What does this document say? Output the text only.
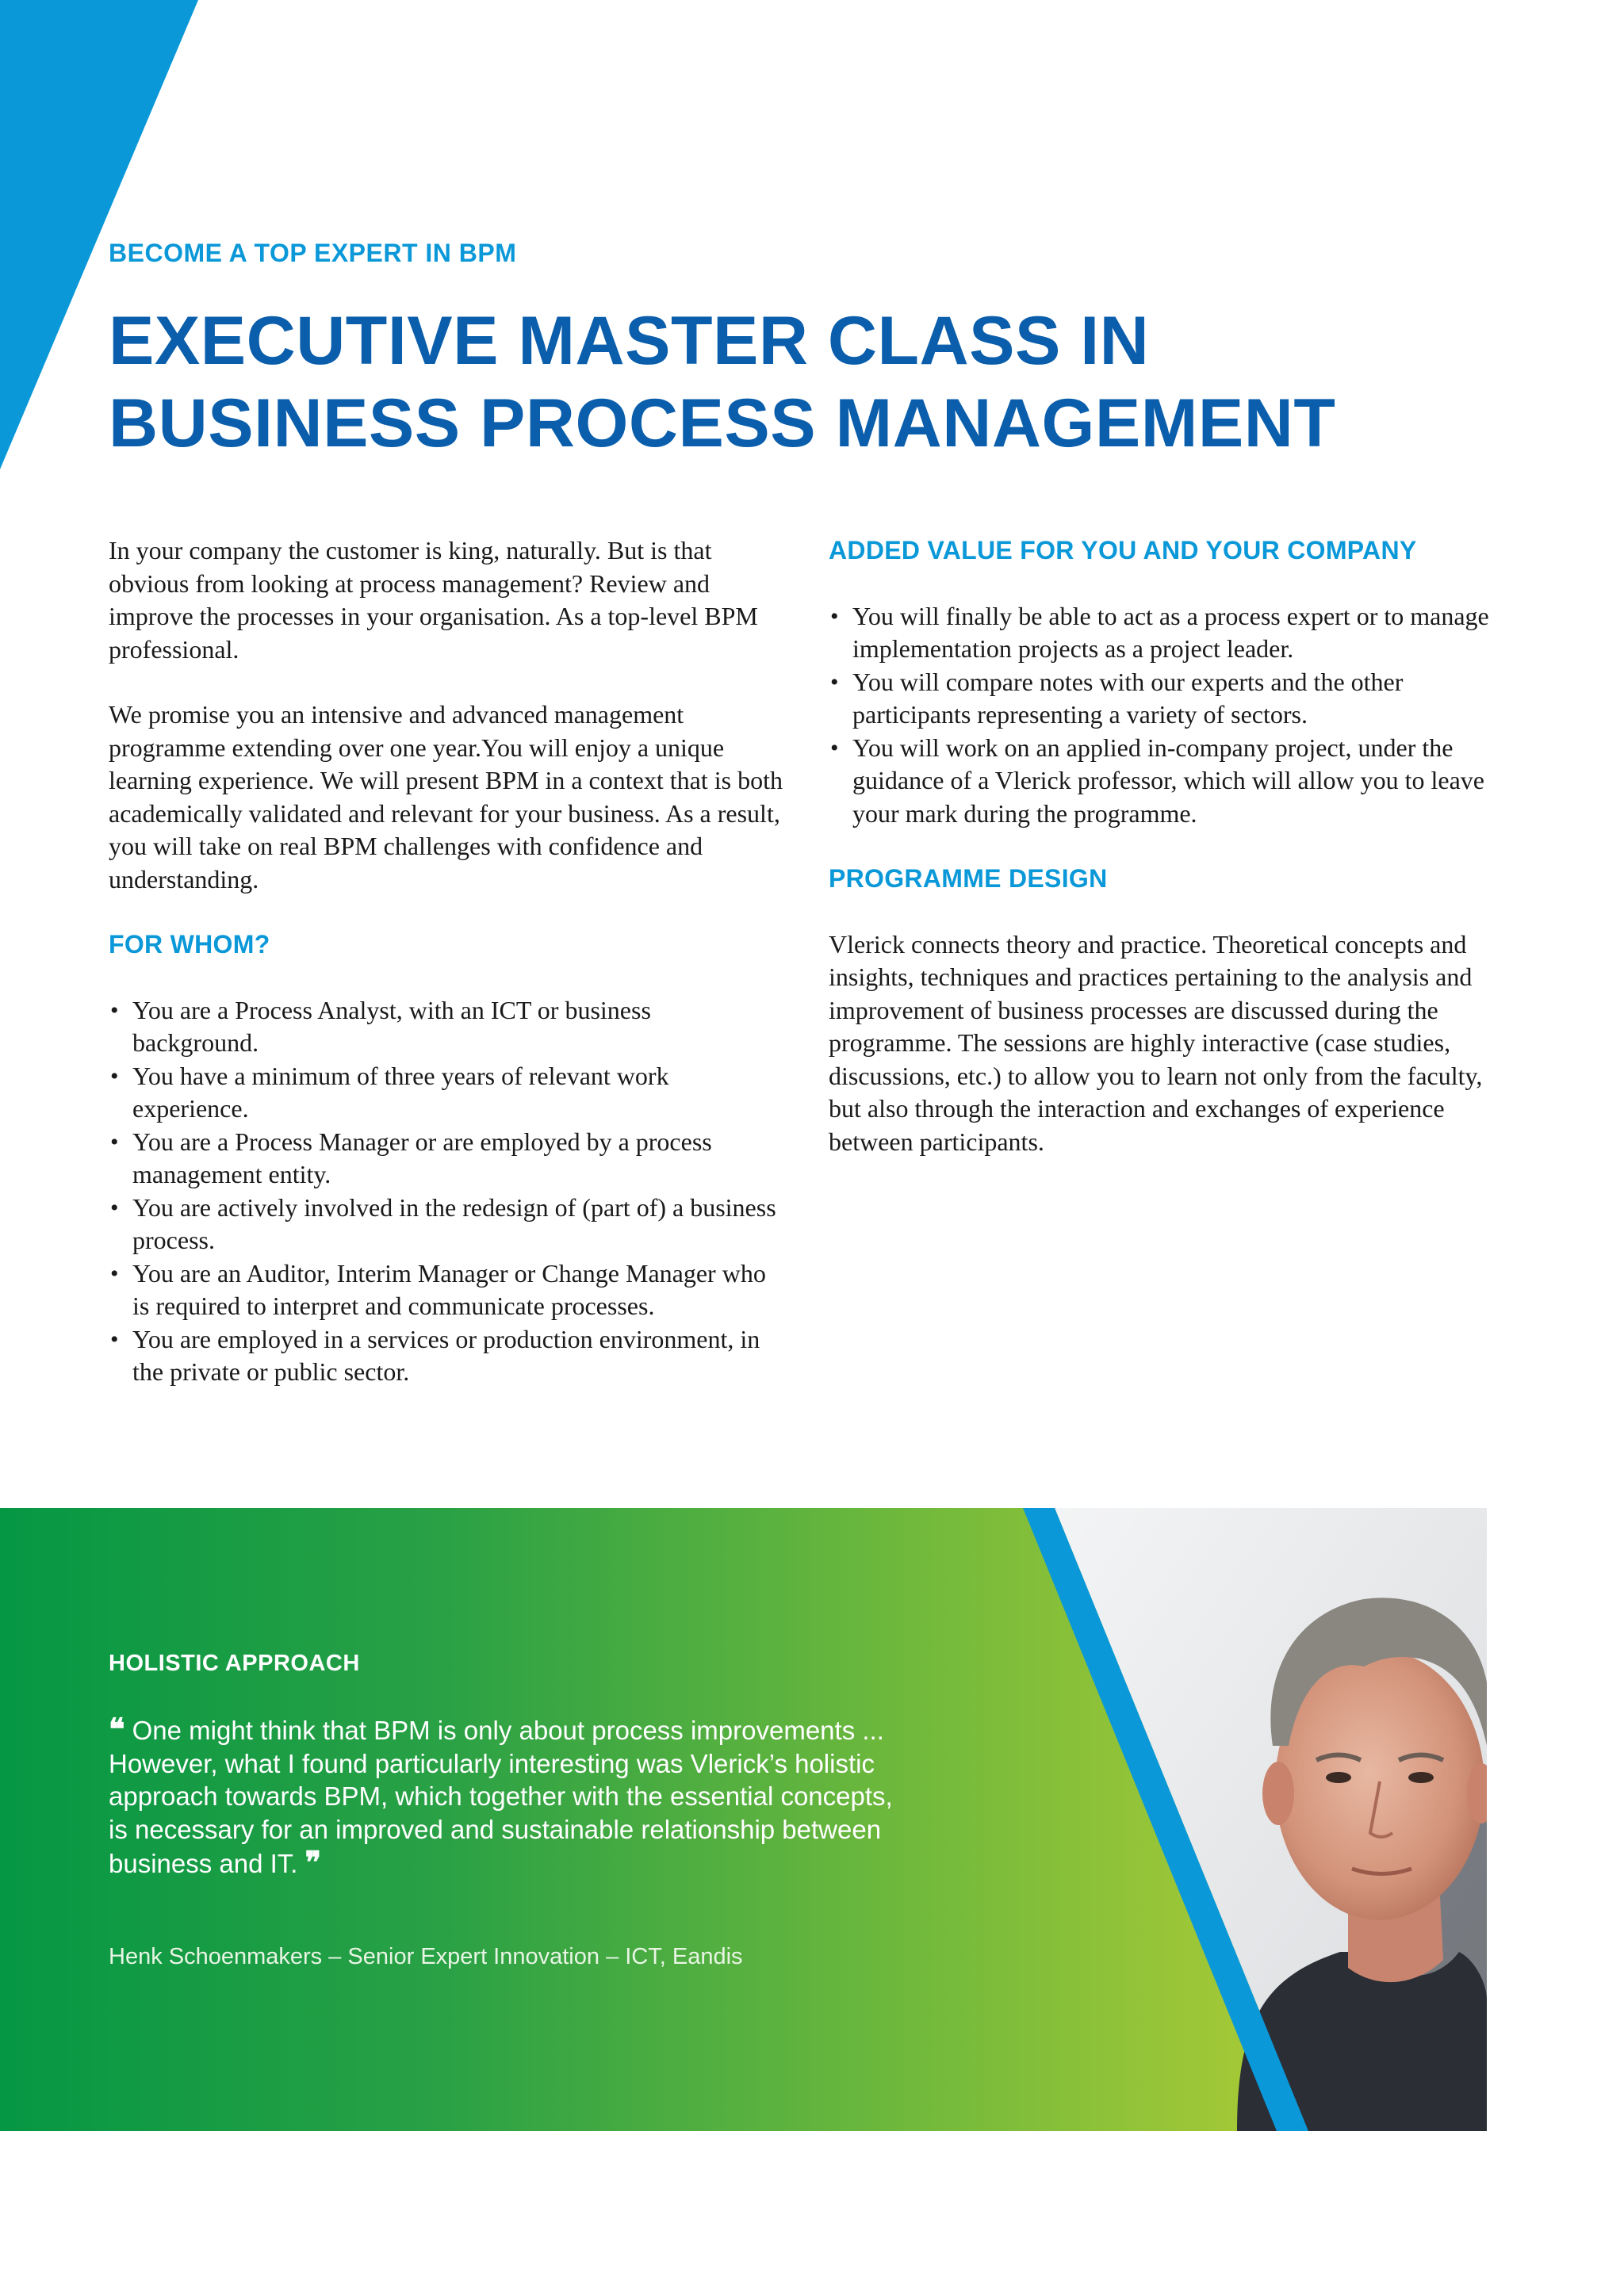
BECOME A TOP EXPERT IN BPM

EXECUTIVE MASTER CLASS IN
BUSINESS PROCESS MANAGEMENT

In your company the customer is king, naturally. But is that obvious from looking at process management? Review and improve the processes in your organisation. As a top-level BPM professional.

We promise you an intensive and advanced management programme extending over one year.You will enjoy a unique learning experience. We will present BPM in a context that is both academically validated and relevant for your business. As a result, you will take on real BPM challenges with confidence and understanding.

FOR WHOM?
• You are a Process Analyst, with an ICT or business background.
• You have a minimum of three years of relevant work experience.
• You are a Process Manager or are employed by a process management entity.
• You are actively involved in the redesign of (part of) a business process.
• You are an Auditor, Interim Manager or Change Manager who is required to interpret and communicate processes.
• You are employed in a services or production environment, in the private or public sector.
ADDED VALUE FOR YOU AND YOUR COMPANY
• You will finally be able to act as a process expert or to manage implementation projects as a project leader.
• You will compare notes with our experts and the other participants representing a variety of sectors.
• You will work on an applied in-company project, under the guidance of a Vlerick professor, which will allow you to leave your mark during the programme.
PROGRAMME DESIGN

Vlerick connects theory and practice. Theoretical concepts and insights, techniques and practices pertaining to the analysis and improvement of business processes are discussed during the programme. The sessions are highly interactive (case studies, discussions, etc.) to allow you to learn not only from the faculty, but also through the interaction and exchanges of experience between participants.

HOLISTIC APPROACH

❝ One might think that BPM is only about process improvements ... However, what I found particularly interesting was Vlerick’s holistic approach towards BPM, which together with the essential concepts, is necessary for an improved and sustainable relationship between business and IT. ❞

Henk Schoenmakers – Senior Expert Innovation – ICT, Eandis
